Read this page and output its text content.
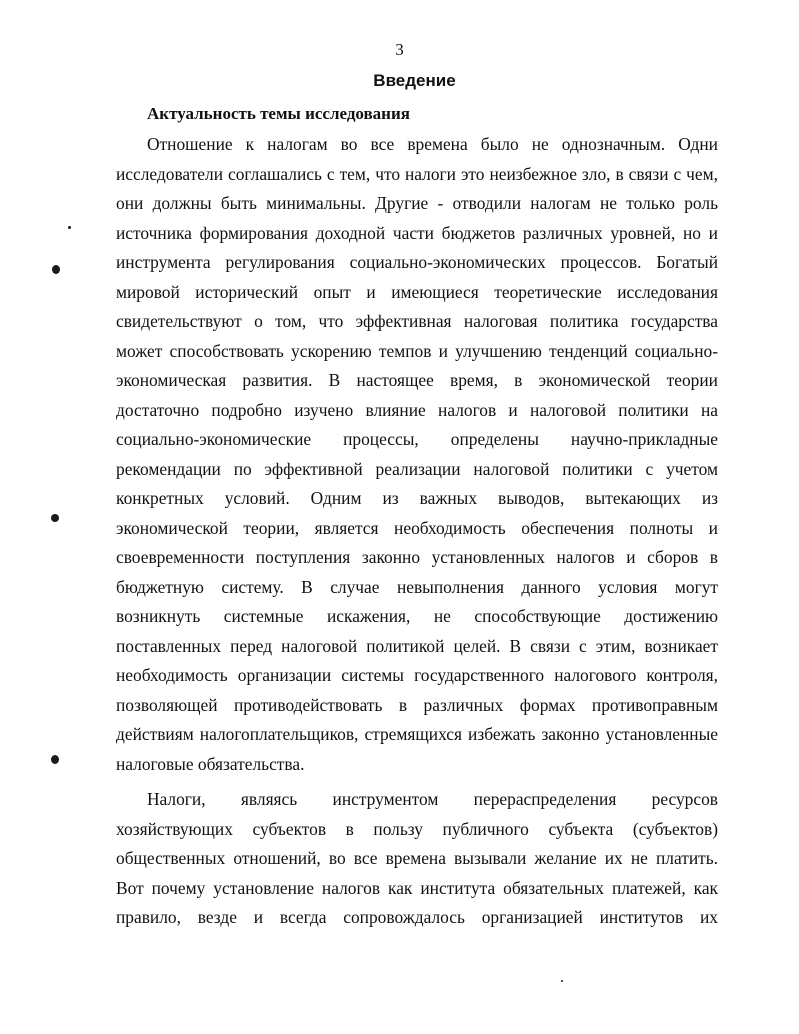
3
Введение
Актуальность темы исследования
Отношение к налогам во все времена было не однозначным. Одни
исследователи соглашались с тем, что налоги это неизбежное зло, в связи с чем,
они должны быть минимальны. Другие - отводили налогам не только роль
источника формирования доходной части бюджетов различных уровней, но и
инструмента регулирования социально-экономических процессов. Богатый
мировой исторический опыт и имеющиеся теоретические исследования
свидетельствуют о том, что эффективная налоговая политика государства
может способствовать ускорению темпов и улучшению тенденций социально-
экономическая развития. В настоящее время, в экономической теории
достаточно подробно изучено влияние налогов и налоговой политики на
социально-экономические процессы, определены научно-прикладные
рекомендации по эффективной реализации налоговой политики с учетом
конкретных условий. Одним из важных выводов, вытекающих из
экономической теории, является необходимость обеспечения полноты и
своевременности поступления законно установленных налогов и сборов в
бюджетную систему. В случае невыполнения данного условия могут
возникнуть системные искажения, не способствующие достижению
поставленных перед налоговой политикой целей. В связи с этим, возникает
необходимость организации системы государственного налогового контроля,
позволяющей противодействовать в различных формах противоправным
действиям налогоплательщиков, стремящихся избежать законно установленные
налоговые обязательства.
Налоги, являясь инструментом перераспределения ресурсов
хозяйствующих субъектов в пользу публичного субъекта (субъектов)
общественных отношений, во все времена вызывали желание их не платить.
Вот почему установление налогов как института обязательных платежей, как
правило, везде и всегда сопровождалось организацией институтов их
